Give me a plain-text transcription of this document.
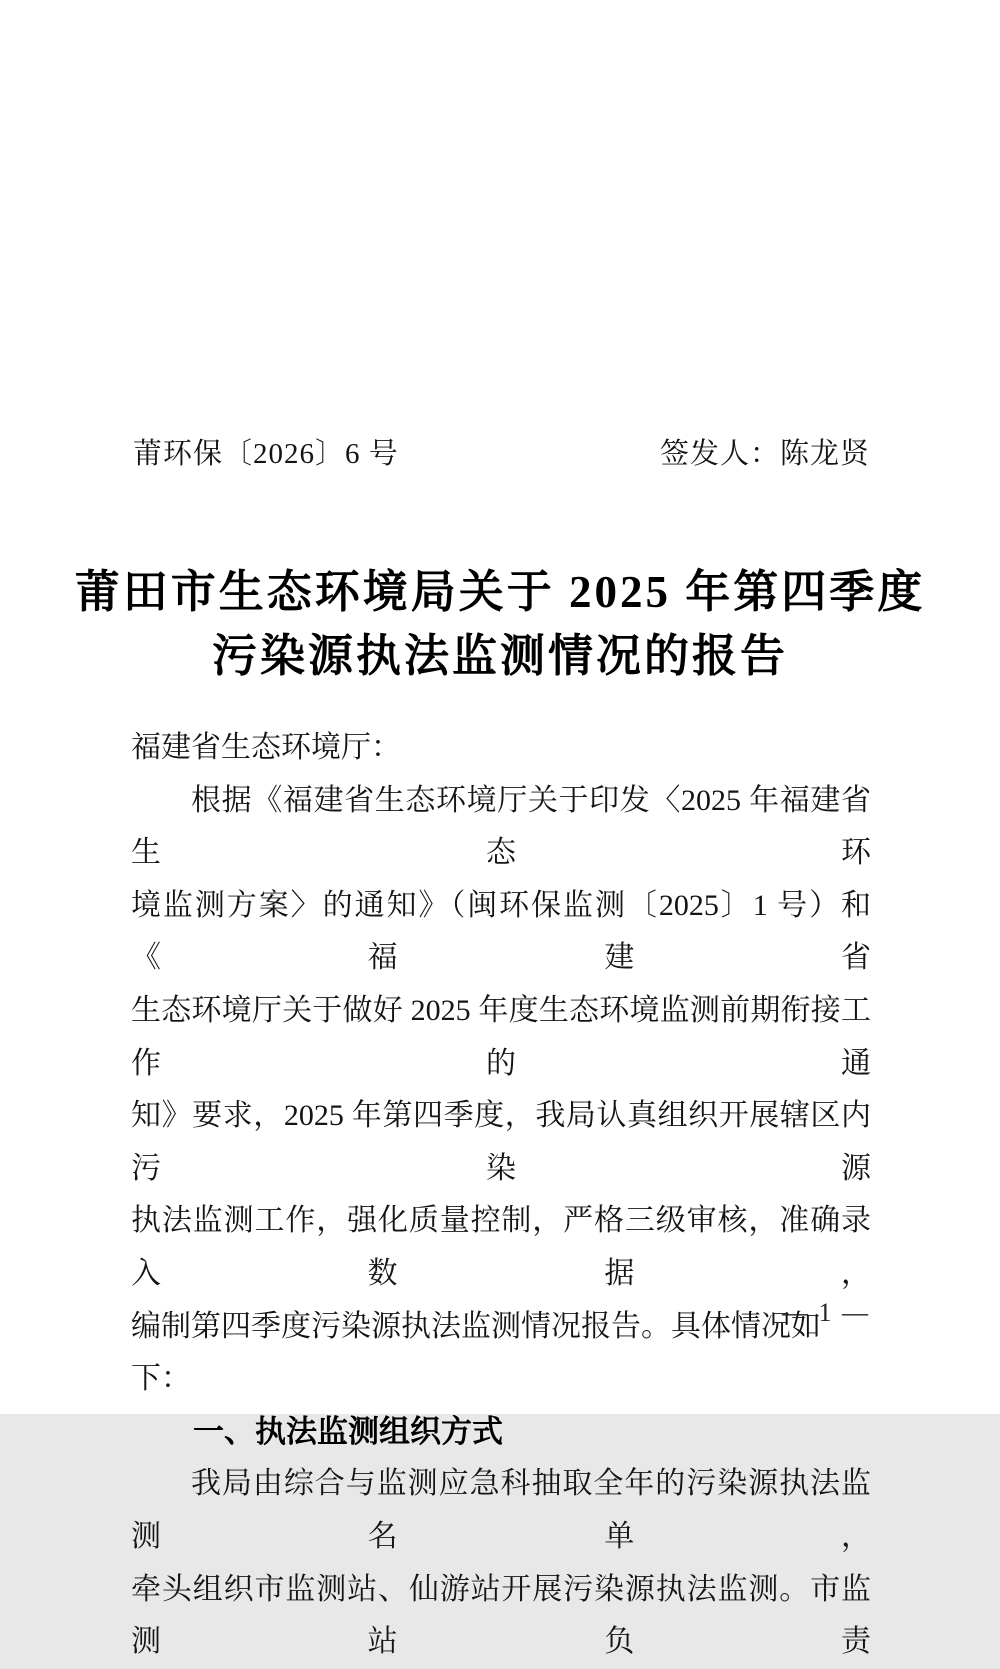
莆环保〔2026〕6 号	签发人：陈龙贤
莆田市生态环境局关于 2025 年第四季度
污染源执法监测情况的报告
福建省生态环境厅：
根据《福建省生态环境厅关于印发〈2025 年福建省生态环
境监测方案〉的通知》（闽环保监测〔2025〕1 号）和《福建省
生态环境厅关于做好 2025 年度生态环境监测前期衔接工作的通
知》要求，2025 年第四季度，我局认真组织开展辖区内污染源
执法监测工作，强化质量控制，严格三级审核，准确录入数据，
编制第四季度污染源执法监测情况报告。具体情况如下：
一、执法监测组织方式
我局由综合与监测应急科抽取全年的污染源执法监测名单，
牵头组织市监测站、仙游站开展污染源执法监测。市监测站负责
— 1 —
